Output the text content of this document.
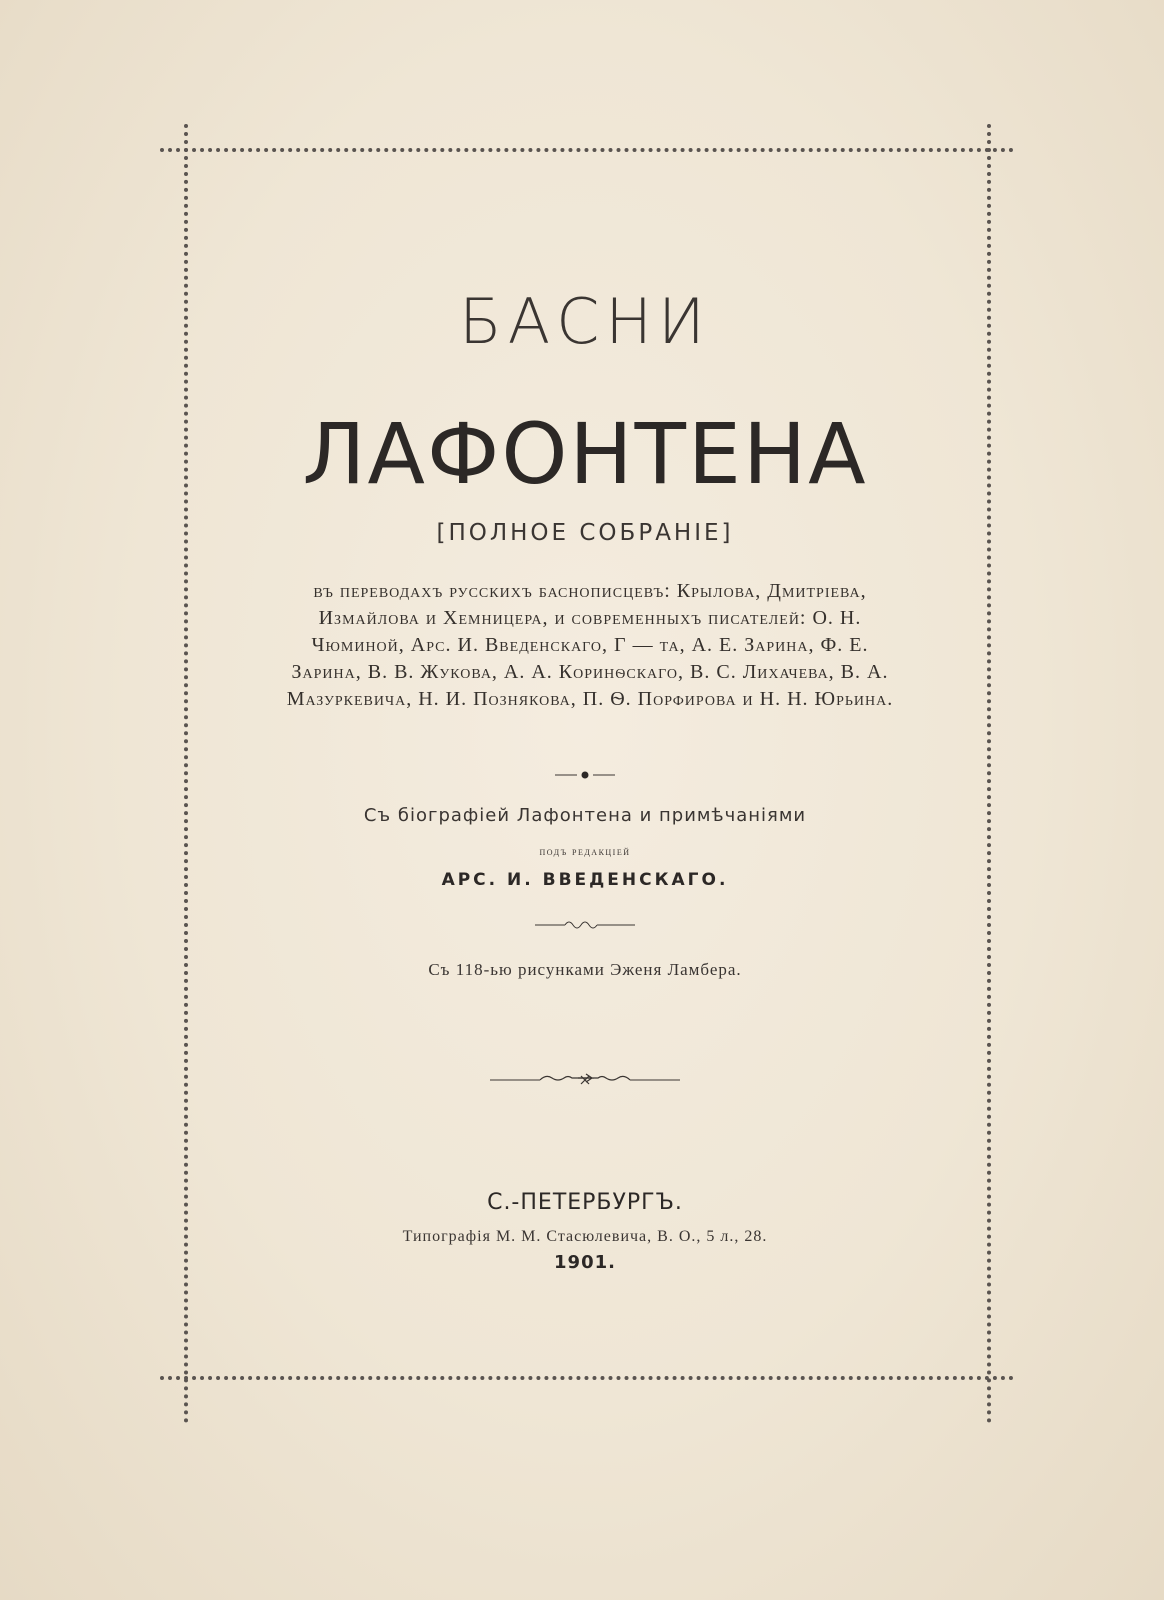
БАСНИ
ЛАФОНТЕНА
[ПОЛНОЕ СОБРАНІЕ]
въ переводахъ русскихъ баснописцевъ: Крылова, Дмитріева, Измайлова и Хемницера, и современныхъ писателей: О. Н. Чюминой, Арс. И. Введенскаго, Г — та, А. Е. Зарина, Ф. Е. Зарина, В. В. Жукова, А. А. Коринѳскаго, В. С. Лихачева, В. А. Мазуркевича, Н. И. Познякова, П. Ѳ. Порфирова и Н. Н. Юрьина.
Съ біографіей Лафонтена и примѣчаніями
подъ редакціей
АРС. И. ВВЕДЕНСКАГО.
Съ 118-ью рисунками Эженя Ламбера.
С.-ПЕТЕРБУРГЪ.
Типографія М. М. Стасюлевича, В. О., 5 л., 28.
1901.
